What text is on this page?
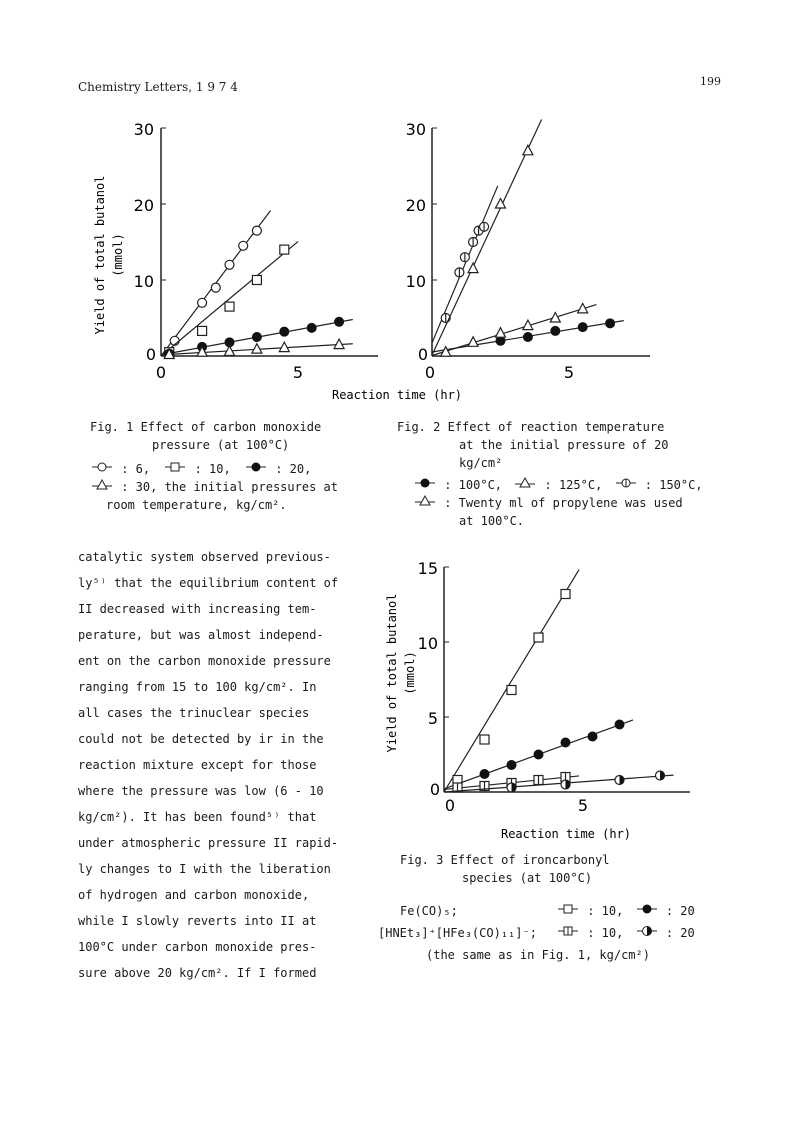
Chemistry Letters, 1 9 7 4	199
30
20
10
0
0	5
Yield of total butanol (mmol)
30
20
10
0
0	5
Reaction time (hr)
Fig. 1 Effect of carbon monoxide
pressure (at 100°C)
: 6,	: 10,	: 20,
: 30, the initial pressures at
room temperature, kg/cm².
Fig. 2 Effect of reaction temperature
at the initial pressure of 20
kg/cm²
: 100°C,	: 125°C,	: 150°C,
: Twenty ml of propylene was used
at 100°C.
catalytic system observed previous-
ly⁵⁾ that the equilibrium content of
II decreased with increasing tem-
perature, but was almost independ-
ent on the carbon monoxide pressure
ranging from 15 to 100 kg/cm². In
all cases the trinuclear species
could not be detected by ir in the
reaction mixture except for those
where the pressure was low (6 - 10
kg/cm²). It has been found⁵⁾ that
under atmospheric pressure II rapid-
ly changes to I with the liberation
of hydrogen and carbon monoxide,
while I slowly reverts into II at
100°C under carbon monoxide pres-
sure above 20 kg/cm². If I formed
15
10
5
0
0	5
Yield of total butanol (mmol)
Reaction time (hr)
Fig. 3 Effect of ironcarbonyl
species (at 100°C)
Fe(CO)₅;	: 10,	: 20
[HNEt₃]⁺[HFe₃(CO)₁₁]⁻;	: 10,	: 20
(the same as in Fig. 1, kg/cm²)
